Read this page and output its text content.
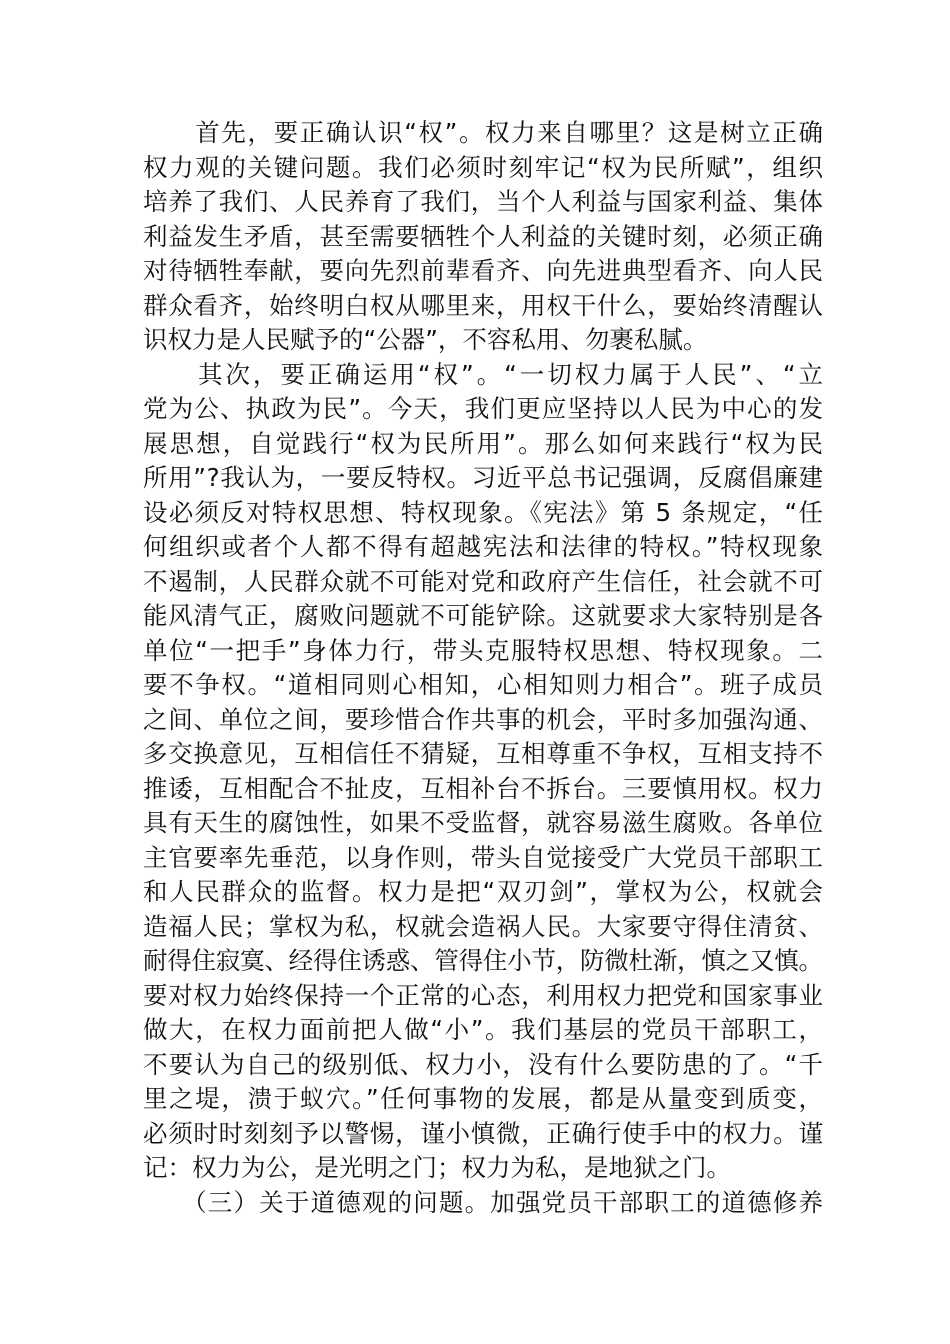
　　首先，要正确认识“权”。权力来自哪里？这是树立正确
权力观的关键问题。我们必须时刻牢记“权为民所赋”，组织
培养了我们、人民养育了我们，当个人利益与国家利益、集体
利益发生矛盾，甚至需要牺牲个人利益的关键时刻，必须正确
对待牺牲奉献，要向先烈前辈看齐、向先进典型看齐、向人民
群众看齐，始终明白权从哪里来，用权干什么，要始终清醒认
识权力是人民赋予的“公器”，不容私用、勿裹私腻。
　　其次，要正确运用“权”。“一切权力属于人民”、“立
党为公、执政为民”。今天，我们更应坚持以人民为中心的发
展思想，自觉践行“权为民所用”。那么如何来践行“权为民
所用”?我认为，一要反特权。习近平总书记强调，反腐倡廉建
设必须反对特权思想、特权现象。《宪法》第 5 条规定，“任
何组织或者个人都不得有超越宪法和法律的特权。”特权现象
不遏制，人民群众就不可能对党和政府产生信任，社会就不可
能风清气正，腐败问题就不可能铲除。这就要求大家特别是各
单位“一把手”身体力行，带头克服特权思想、特权现象。二
要不争权。“道相同则心相知，心相知则力相合”。班子成员
之间、单位之间，要珍惜合作共事的机会，平时多加强沟通、
多交换意见，互相信任不猜疑，互相尊重不争权，互相支持不
推诿，互相配合不扯皮，互相补台不拆台。三要慎用权。权力
具有天生的腐蚀性，如果不受监督，就容易滋生腐败。各单位
主官要率先垂范，以身作则，带头自觉接受广大党员干部职工
和人民群众的监督。权力是把“双刃剑”，掌权为公，权就会
造福人民；掌权为私，权就会造祸人民。大家要守得住清贫、
耐得住寂寞、经得住诱惑、管得住小节，防微杜渐，慎之又慎。
要对权力始终保持一个正常的心态，利用权力把党和国家事业
做大，在权力面前把人做“小”。我们基层的党员干部职工，
不要认为自己的级别低、权力小，没有什么要防患的了。“千
里之堤，溃于蚁穴。”任何事物的发展，都是从量变到质变，
必须时时刻刻予以警惕，谨小慎微，正确行使手中的权力。谨
记：权力为公，是光明之门；权力为私，是地狱之门。
　　（三）关于道德观的问题。加强党员干部职工的道德修养
